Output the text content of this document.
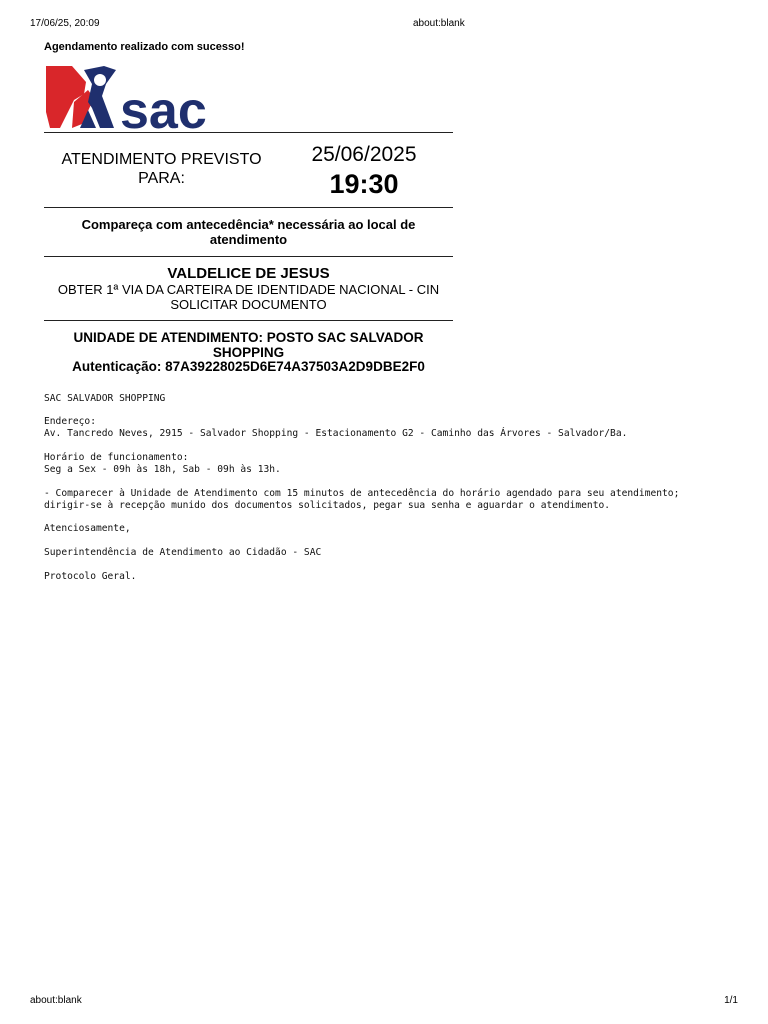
17/06/25, 20:09	about:blank
Agendamento realizado com sucesso!
sac
ATENDIMENTO PREVISTO
PARA:
25/06/2025
19:30
Compareça com antecedência* necessária ao local de
atendimento
VALDELICE DE JESUS
OBTER 1ª VIA DA CARTEIRA DE IDENTIDADE NACIONAL - CIN
SOLICITAR DOCUMENTO
UNIDADE DE ATENDIMENTO: POSTO SAC SALVADOR
SHOPPING
Autenticação: 87A39228025D6E74A37503A2D9DBE2F0
SAC SALVADOR SHOPPING
Endereço:
Av. Tancredo Neves, 2915 - Salvador Shopping - Estacionamento G2 - Caminho das Árvores - Salvador/Ba.
Horário de funcionamento:
Seg a Sex - 09h às 18h, Sab - 09h às 13h.
- Comparecer à Unidade de Atendimento com 15 minutos de antecedência do horário agendado para seu atendimento;
dirigir-se à recepção munido dos documentos solicitados, pegar sua senha e aguardar o atendimento.
Atenciosamente,
Superintendência de Atendimento ao Cidadão - SAC
Protocolo Geral.
about:blank	1/1
